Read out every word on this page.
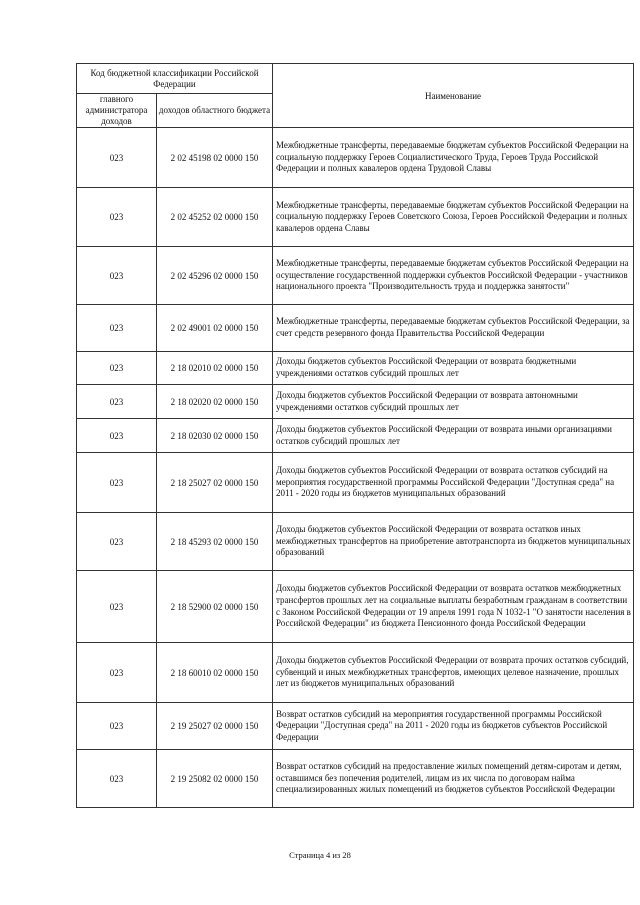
Код бюджетной классификации Российской Федерации		Наименование
главного администратора доходов	доходов областного бюджета	
023	2 02 45198 02 0000 150	Межбюджетные трансферты, передаваемые бюджетам субъектов Российской Федерации на социальную поддержку Героев Социалистического Труда, Героев Труда Российской Федерации и полных кавалеров ордена Трудовой Славы
023	2 02 45252 02 0000 150	Межбюджетные трансферты, передаваемые бюджетам субъектов Российской Федерации на социальную поддержку Героев Советского Союза, Героев Российской Федерации и полных кавалеров ордена Славы
023	2 02 45296 02 0000 150	Межбюджетные трансферты, передаваемые бюджетам субъектов Российской Федерации на осуществление государственной поддержки субъектов Российской Федерации - участников национального проекта "Производительность труда и поддержка занятости"
023	2 02 49001 02 0000 150	Межбюджетные трансферты, передаваемые бюджетам субъектов Российской Федерации, за счет средств резервного фонда Правительства Российской Федерации
023	2 18 02010 02 0000 150	Доходы бюджетов субъектов Российской Федерации от возврата бюджетными учреждениями остатков субсидий прошлых лет
023	2 18 02020 02 0000 150	Доходы бюджетов субъектов Российской Федерации от возврата автономными учреждениями остатков субсидий прошлых лет
023	2 18 02030 02 0000 150	Доходы бюджетов субъектов Российской Федерации от возврата иными организациями остатков субсидий прошлых лет
023	2 18 25027 02 0000 150	Доходы бюджетов субъектов Российской Федерации от возврата остатков субсидий на мероприятия государственной программы Российской Федерации "Доступная среда" на 2011 - 2020 годы из бюджетов муниципальных образований
023	2 18 45293 02 0000 150	Доходы бюджетов субъектов Российской Федерации от возврата остатков иных межбюджетных трансфертов на приобретение автотранспорта из бюджетов муниципальных образований
023	2 18 52900 02 0000 150	Доходы бюджетов субъектов Российской Федерации от возврата остатков межбюджетных трансфертов прошлых лет на социальные выплаты безработным гражданам в соответствии с Законом Российской Федерации от 19 апреля 1991 года N 1032-1 "О занятости населения в Российской Федерации" из бюджета Пенсионного фонда Российской Федерации
023	2 18 60010 02 0000 150	Доходы бюджетов субъектов Российской Федерации от возврата прочих остатков субсидий, субвенций и иных межбюджетных трансфертов, имеющих целевое назначение, прошлых лет из бюджетов муниципальных образований
023	2 19 25027 02 0000 150	Возврат остатков субсидий на мероприятия государственной программы Российской Федерации "Доступная среда" на 2011 - 2020 годы из бюджетов субъектов Российской Федерации
023	2 19 25082 02 0000 150	Возврат остатков субсидий на предоставление жилых помещений детям-сиротам и детям, оставшимся без попечения родителей, лицам из их числа по договорам найма специализированных жилых помещений из бюджетов субъектов Российской Федерации
Страница 4 из 28
